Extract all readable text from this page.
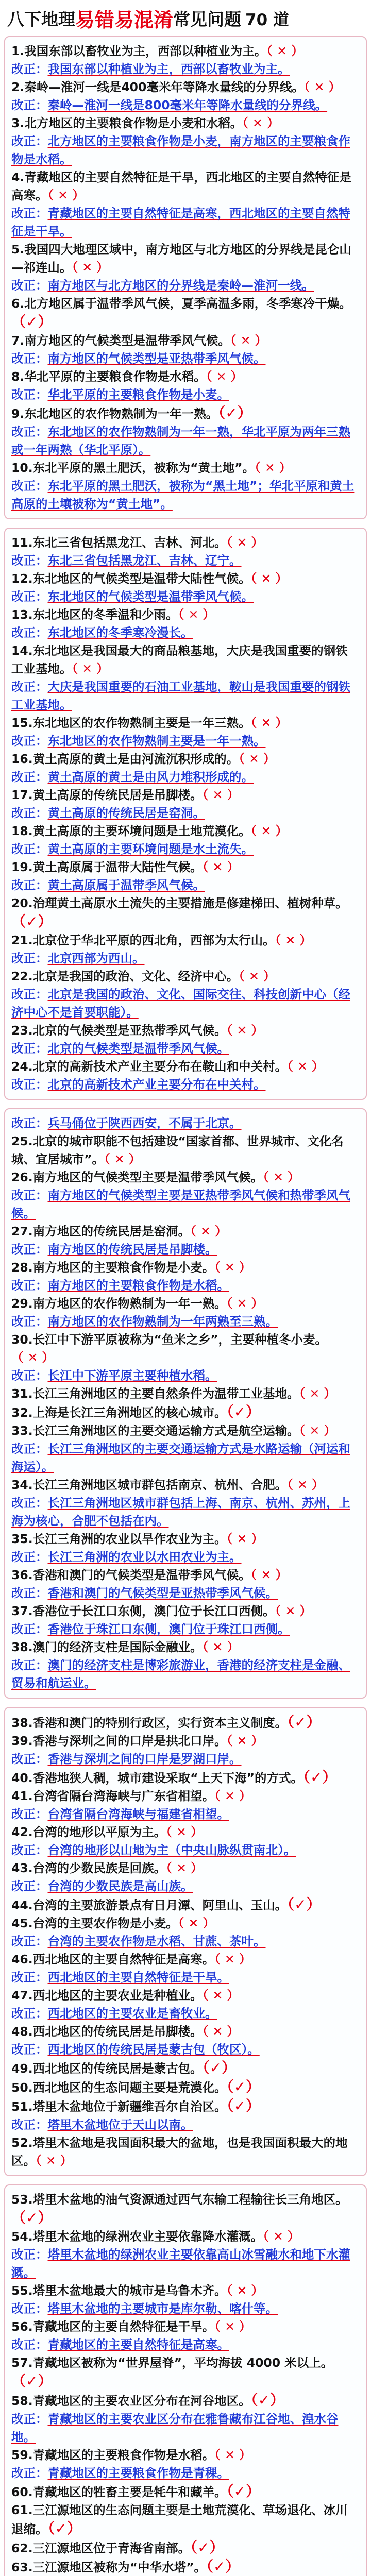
八下地理 易错易混淆 常见问题 70 道

1.我国东部以畜牧业为主，西部以种植业为主。（ ✕ ）

改正：我国东部以种植业为主，西部以畜牧业为主。

2.秦岭—淮河一线是400毫米年等降水量线的分界线。（ ✕ ）

改正：秦岭—淮河一线是800毫米年等降水量线的分界线。

3.北方地区的主要粮食作物是小麦和水稻。（ ✕ ）

改正：北方地区的主要粮食作物是小麦，南方地区的主要粮食作物是水稻。

4.青藏地区的主要自然特征是干旱，西北地区的主要自然特征是高寒。（ ✕ ）

改正：青藏地区的主要自然特征是高寒，西北地区的主要自然特征是干旱。

5.我国四大地理区域中，南方地区与北方地区的分界线是昆仑山—祁连山。（ ✕ ）

改正：南方地区与北方地区的分界线是秦岭—淮河一线。

6.北方地区属于温带季风气候，夏季高温多雨，冬季寒冷干燥。（✓）

7.南方地区的气候类型是温带季风气候。（ ✕ ）

改正：南方地区的气候类型是亚热带季风气候。

8.华北平原的主要粮食作物是水稻。（ ✕ ）

改正：华北平原的主要粮食作物是小麦。

9.东北地区的农作物熟制为一年一熟。（✓）

改正：东北地区的农作物熟制为一年一熟，华北平原为两年三熟或一年两熟（华北平原）。

10.东北平原的黑土肥沃，被称为“黄土地”。（ ✕ ）

改正：东北平原的黑土肥沃，被称为“黑土地”；华北平原和黄土高原的土壤被称为“黄土地”。

11.东北三省包括黑龙江、吉林、河北。（ ✕ ）

改正：东北三省包括黑龙江、吉林、辽宁。

12.东北地区的气候类型是温带大陆性气候。（ ✕ ）

改正：东北地区的气候类型是温带季风气候。

13.东北地区的冬季温和少雨。（ ✕ ）

改正：东北地区的冬季寒冷漫长。

14.东北地区是我国最大的商品粮基地，大庆是我国重要的钢铁工业基地。（ ✕ ）

改正：大庆是我国重要的石油工业基地，鞍山是我国重要的钢铁工业基地。

15.东北地区的农作物熟制主要是一年三熟。（ ✕ ）

改正：东北地区的农作物熟制主要是一年一熟。

16.黄土高原的黄土是由河流沉积形成的。（ ✕ ）

改正：黄土高原的黄土是由风力堆积形成的。

17.黄土高原的传统民居是吊脚楼。（ ✕ ）

改正：黄土高原的传统民居是窑洞。

18.黄土高原的主要环境问题是土地荒漠化。（ ✕ ）

改正：黄土高原的主要环境问题是水土流失。

19.黄土高原属于温带大陆性气候。（ ✕ ）

改正：黄土高原属于温带季风气候。

20.治理黄土高原水土流失的主要措施是修建梯田、植树种草。（✓）

21.北京位于华北平原的西北角，西部为太行山。（ ✕ ）

改正：北京西部为西山。

22.北京是我国的政治、文化、经济中心。（ ✕ ）

改正：北京是我国的政治、文化、国际交往、科技创新中心（经济中心不是首要职能）。

23.北京的气候类型是亚热带季风气候。（ ✕ ）

改正：北京的气候类型是温带季风气候。

24.北京的高新技术产业主要分布在鞍山和中关村。（ ✕ ）

改正：北京的高新技术产业主要分布在中关村。

改正：兵马俑位于陕西西安，不属于北京。

25.北京的城市职能不包括建设“国家首都、世界城市、文化名城、宜居城市”。（ ✕ ）

26.南方地区的气候类型主要是温带季风气候。（ ✕ ）

改正：南方地区的气候类型主要是亚热带季风气候和热带季风气候。

27.南方地区的传统民居是窑洞。（ ✕ ）

改正：南方地区的传统民居是吊脚楼。

28.南方地区的主要粮食作物是小麦。（ ✕ ）

改正：南方地区的主要粮食作物是水稻。

29.南方地区的农作物熟制为一年一熟。（ ✕ ）

改正：南方地区的农作物熟制为一年两熟至三熟。

30.长江中下游平原被称为“鱼米之乡”，主要种植冬小麦。（ ✕ ）

改正：长江中下游平原主要种植水稻。

31.长江三角洲地区的主要自然条件为温带工业基地。（ ✕ ）

32.上海是长江三角洲地区的核心城市。（✓）

33.长江三角洲地区的主要交通运输方式是航空运输。（ ✕ ）

改正：长江三角洲地区的主要交通运输方式是水路运输（河运和海运）。

34.长江三角洲地区城市群包括南京、杭州、合肥。（ ✕ ）

改正：长江三角洲地区城市群包括上海、南京、杭州、苏州，上海为核心，合肥不包括在内。

35.长江三角洲的农业以旱作农业为主。（ ✕ ）

改正：长江三角洲的农业以水田农业为主。

36.香港和澳门的气候类型是温带季风气候。（ ✕ ）

改正：香港和澳门的气候类型是亚热带季风气候。

37.香港位于长江口东侧，澳门位于长江口西侧。（ ✕ ）

改正：香港位于珠江口东侧，澳门位于珠江口西侧。

38.澳门的经济支柱是国际金融业。（ ✕ ）

改正：澳门的经济支柱是博彩旅游业，香港的经济支柱是金融、贸易和航运业。

38.香港和澳门的特别行政区，实行资本主义制度。（✓）

39.香港与深圳之间的口岸是拱北口岸。（ ✕ ）

改正：香港与深圳之间的口岸是罗湖口岸。

40.香港地狭人稠，城市建设采取“上天下海”的方式。（✓）

41.台湾省隔台湾海峡与广东省相望。（ ✕ ）

改正：台湾省隔台湾海峡与福建省相望。

42.台湾的地形以平原为主。（ ✕ ）

改正：台湾的地形以山地为主（中央山脉纵贯南北）。

43.台湾的少数民族是回族。（ ✕ ）

改正：台湾的少数民族是高山族。

44.台湾的主要旅游景点有日月潭、阿里山、玉山。（✓）

45.台湾的主要农作物是小麦。（ ✕ ）

改正：台湾的主要农作物是水稻、甘蔗、茶叶。

46.西北地区的主要自然特征是高寒。（ ✕ ）

改正：西北地区的主要自然特征是干旱。

47.西北地区的主要农业是种植业。（ ✕ ）

改正：西北地区的主要农业是畜牧业。

48.西北地区的传统民居是吊脚楼。（ ✕ ）

改正：西北地区的传统民居是蒙古包（牧区）。

49.西北地区的传统民居是蒙古包。（✓）

50.西北地区的生态问题主要是荒漠化。（✓）

51.塔里木盆地位于新疆维吾尔自治区。（✓）

改正：塔里木盆地位于天山以南。

52.塔里木盆地是我国面积最大的盆地，也是我国面积最大的地区。（ ✕ ）

53.塔里木盆地的油气资源通过西气东输工程输往长三角地区。（✓）

54.塔里木盆地的绿洲农业主要依靠降水灌溉。（ ✕ ）

改正：塔里木盆地的绿洲农业主要依靠高山冰雪融水和地下水灌溉。

55.塔里木盆地最大的城市是乌鲁木齐。（ ✕ ）

改正：塔里木盆地的主要城市是库尔勒、喀什等。

56.青藏地区的主要自然特征是干旱。（ ✕ ）

改正：青藏地区的主要自然特征是高寒。

57.青藏地区被称为“世界屋脊”，平均海拔 4000 米以上。（✓）

58.青藏地区的主要农业区分布在河谷地区。（✓）

改正：青藏地区的主要农业区分布在雅鲁藏布江谷地、湟水谷地。

59.青藏地区的主要粮食作物是水稻。（ ✕ ）

改正：青藏地区的主要粮食作物是青稞。

60.青藏地区的牲畜主要是牦牛和藏羊。（✓）

61.三江源地区的生态问题主要是土地荒漠化、草场退化、冰川退缩。（✓）

62.三江源地区位于青海省南部。（✓）

63.三江源地区被称为“中华水塔”。（✓）
